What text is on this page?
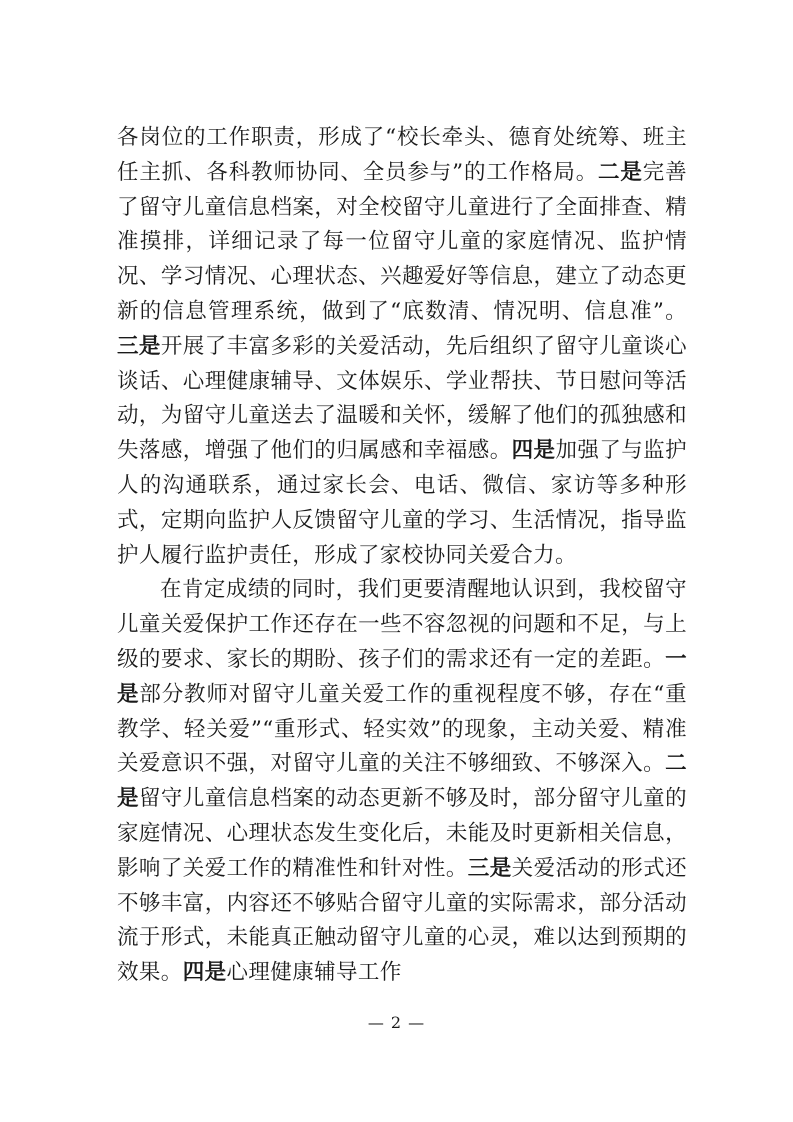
各岗位的工作职责，形成了“校长牵头、德育处统筹、班主任主抓、各科教师协同、全员参与”的工作格局。二是完善了留守儿童信息档案，对全校留守儿童进行了全面排查、精准摸排，详细记录了每一位留守儿童的家庭情况、监护情况、学习情况、心理状态、兴趣爱好等信息，建立了动态更新的信息管理系统，做到了“底数清、情况明、信息准”。三是开展了丰富多彩的关爱活动，先后组织了留守儿童谈心谈话、心理健康辅导、文体娱乐、学业帮扶、节日慰问等活动，为留守儿童送去了温暖和关怀，缓解了他们的孤独感和失落感，增强了他们的归属感和幸福感。四是加强了与监护人的沟通联系，通过家长会、电话、微信、家访等多种形式，定期向监护人反馈留守儿童的学习、生活情况，指导监护人履行监护责任，形成了家校协同关爱合力。

在肯定成绩的同时，我们更要清醒地认识到，我校留守儿童关爱保护工作还存在一些不容忽视的问题和不足，与上级的要求、家长的期盼、孩子们的需求还有一定的差距。一是部分教师对留守儿童关爱工作的重视程度不够，存在“重教学、轻关爱”“重形式、轻实效”的现象，主动关爱、精准关爱意识不强，对留守儿童的关注不够细致、不够深入。二是留守儿童信息档案的动态更新不够及时，部分留守儿童的家庭情况、心理状态发生变化后，未能及时更新相关信息，影响了关爱工作的精准性和针对性。三是关爱活动的形式还不够丰富，内容还不够贴合留守儿童的实际需求，部分活动流于形式，未能真正触动留守儿童的心灵，难以达到预期的效果。四是心理健康辅导工作

— 2 —
